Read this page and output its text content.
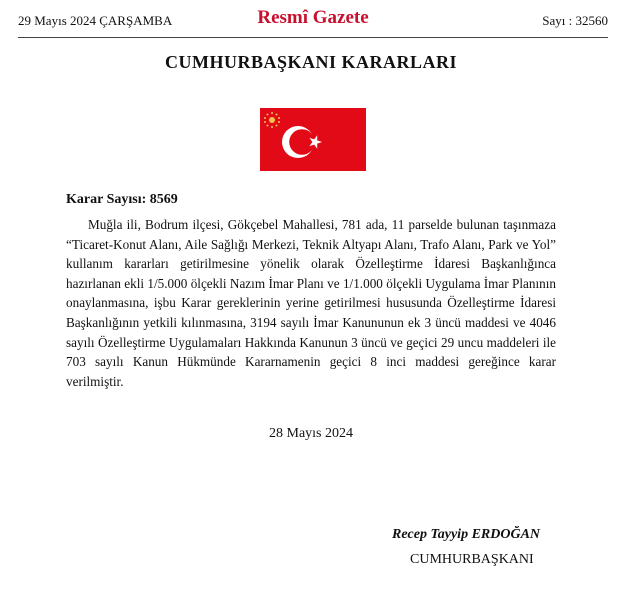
29 Mayıs 2024 ÇARŞAMBA	Resmî Gazete	Sayı : 32560
CUMHURBAŞKANI KARARLARI
Karar Sayısı: 8569

Muğla ili, Bodrum ilçesi, Gökçebel Mahallesi, 781 ada, 11 parselde bulunan taşınmaza “Ticaret-Konut Alanı, Aile Sağlığı Merkezi, Teknik Altyapı Alanı, Trafo Alanı, Park ve Yol” kullanım kararları getirilmesine yönelik olarak Özelleştirme İdaresi Başkanlığınca hazırlanan ekli 1/5.000 ölçekli Nazım İmar Planı ve 1/1.000 ölçekli Uygulama İmar Planının onaylanmasına, işbu Karar gereklerinin yerine getirilmesi hususunda Özelleştirme İdaresi Başkanlığının yetkili kılınmasına, 3194 sayılı İmar Kanununun ek 3 üncü maddesi ve 4046 sayılı Özelleştirme Uygulamaları Hakkında Kanunun 3 üncü ve geçici 29 uncu maddeleri ile 703 sayılı Kanun Hükmünde Kararnamenin geçici 8 inci maddesi gereğince karar verilmiştir.

28 Mayıs 2024
Recep Tayyip ERDOĞAN
CUMHURBAŞKANI
